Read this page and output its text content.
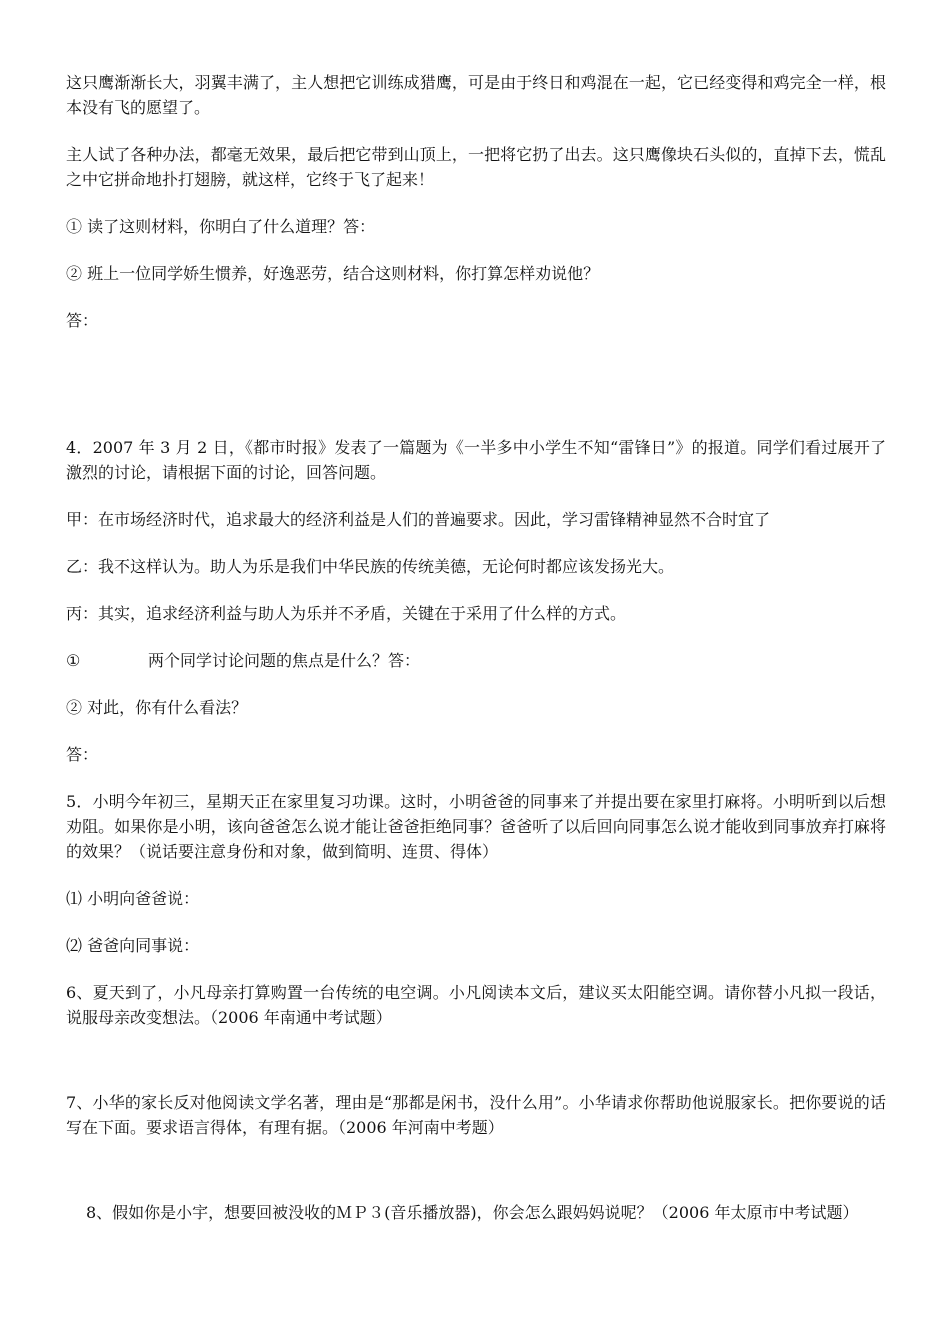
这只鹰渐渐长大，羽翼丰满了，主人想把它训练成猎鹰，可是由于终日和鸡混在一起，它已经变得和鸡完全一样，根本没有飞的愿望了。

主人试了各种办法，都毫无效果，最后把它带到山顶上，一把将它扔了出去。这只鹰像块石头似的，直掉下去，慌乱之中它拼命地扑打翅膀，就这样，它终于飞了起来！

① 读了这则材料，你明白了什么道理？答：

② 班上一位同学娇生惯养，好逸恶劳，结合这则材料，你打算怎样劝说他？

答：

4．2007 年 3 月 2 日，《都市时报》发表了一篇题为《一半多中小学生不知“雷锋日”》的报道。同学们看过展开了激烈的讨论，请根据下面的讨论，回答问题。

甲：在市场经济时代，追求最大的经济利益是人们的普遍要求。因此，学习雷锋精神显然不合时宜了

乙：我不这样认为。助人为乐是我们中华民族的传统美德，无论何时都应该发扬光大。

丙：其实，追求经济利益与助人为乐并不矛盾，关键在于采用了什么样的方式。

①	两个同学讨论问题的焦点是什么？答：

② 对此，你有什么看法？

答：

5．小明今年初三，星期天正在家里复习功课。这时，小明爸爸的同事来了并提出要在家里打麻将。小明听到以后想劝阻。如果你是小明，该向爸爸怎么说才能让爸爸拒绝同事？爸爸听了以后回向同事怎么说才能收到同事放弃打麻将的效果？（说话要注意身份和对象，做到简明、连贯、得体）

⑴ 小明向爸爸说：

⑵ 爸爸向同事说：

6、夏天到了，小凡母亲打算购置一台传统的电空调。小凡阅读本文后，建议买太阳能空调。请你替小凡拟一段话，说服母亲改变想法。（2006 年南通中考试题）

7、小华的家长反对他阅读文学名著，理由是“那都是闲书，没什么用”。小华请求你帮助他说服家长。把你要说的话写在下面。要求语言得体，有理有据。（2006 年河南中考题）

8、假如你是小宇，想要回被没收的ＭＰ３(音乐播放器)，你会怎么跟妈妈说呢？（2006 年太原市中考试题）
